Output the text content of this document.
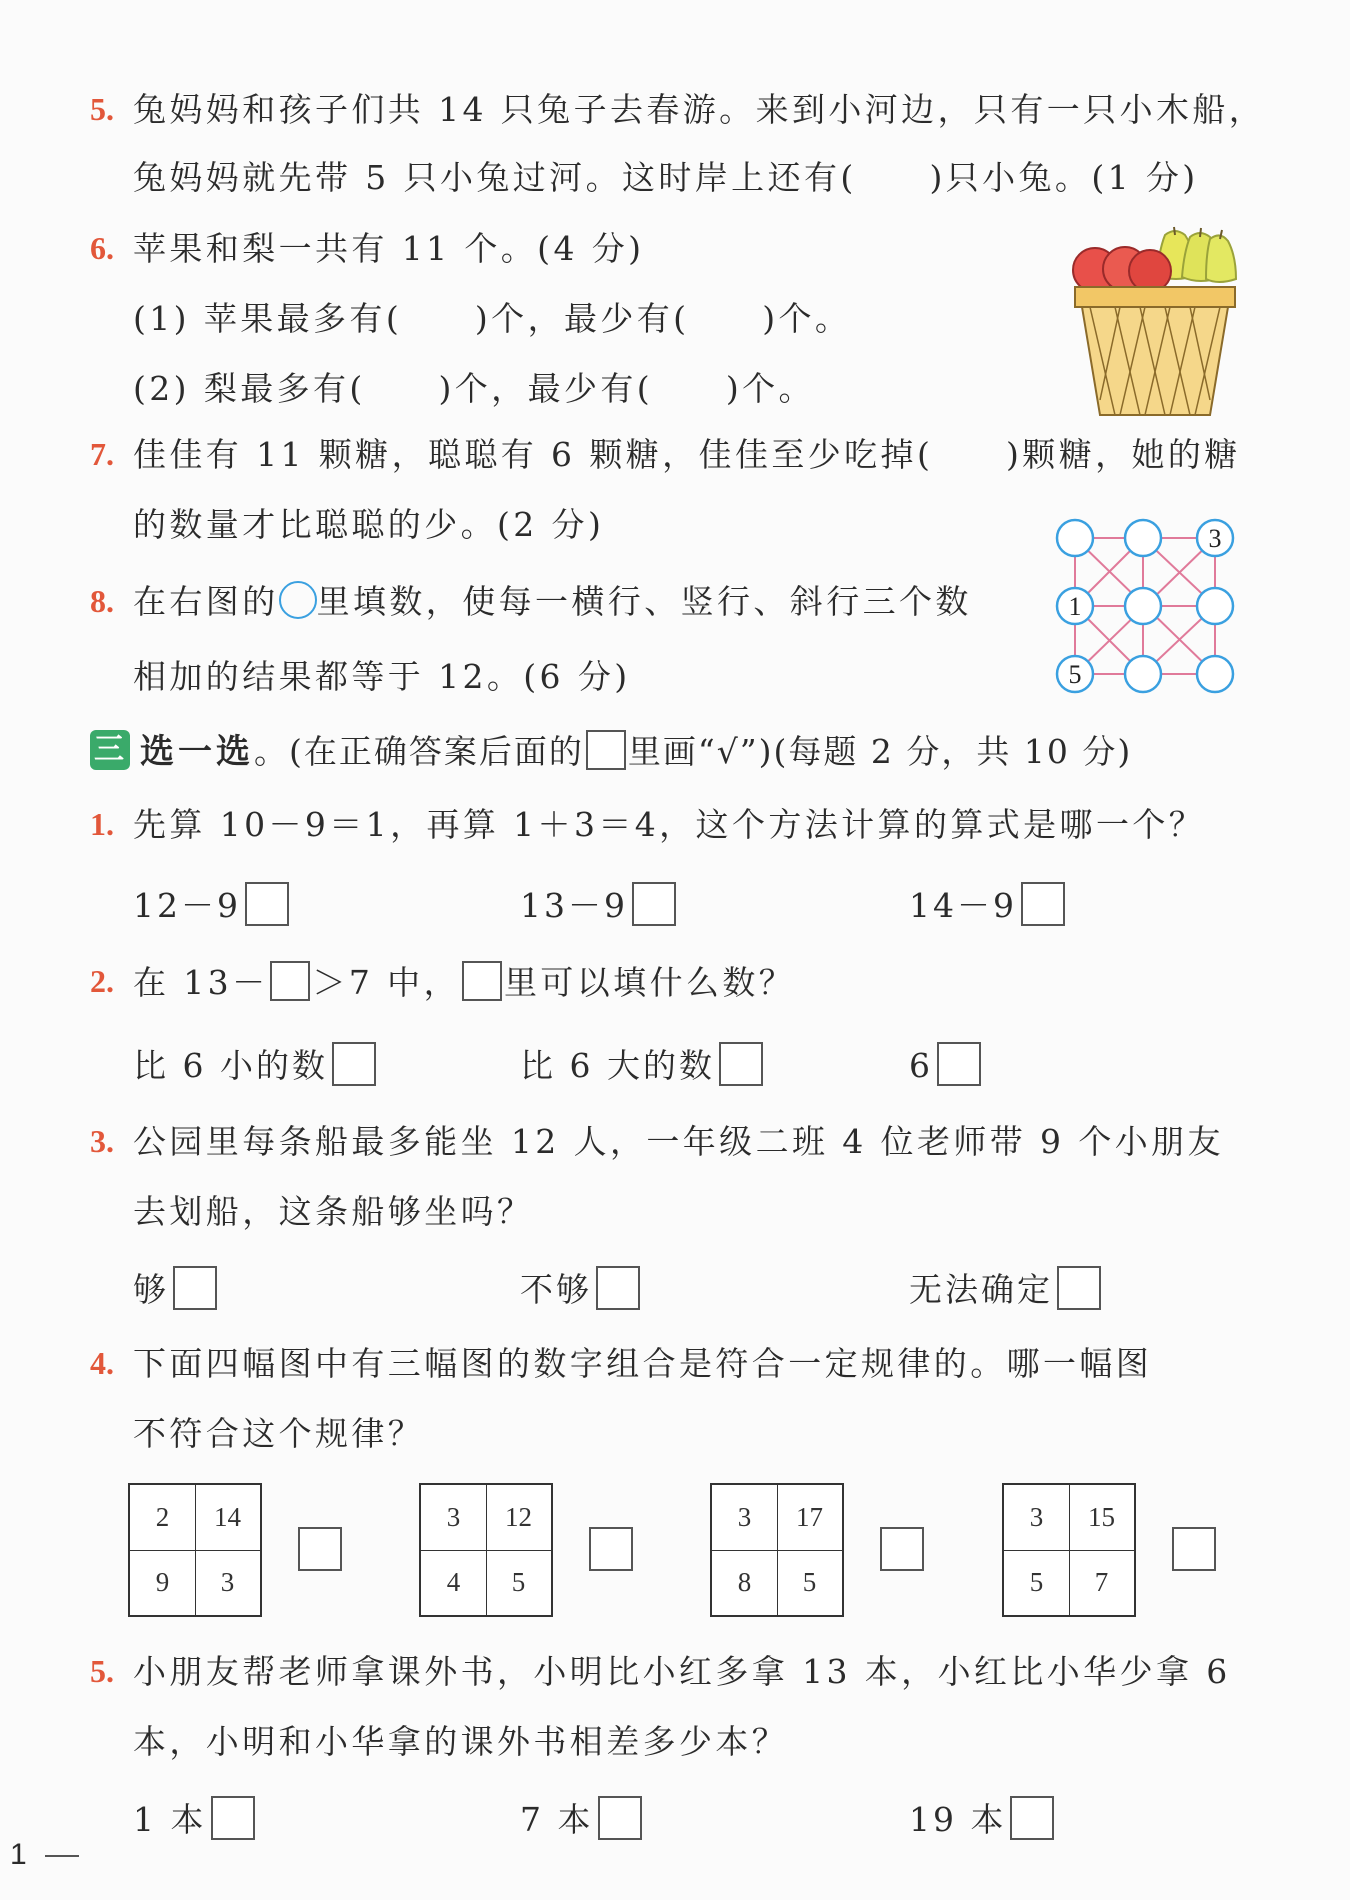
5. 兔妈妈和孩子们共 14 只兔子去春游。来到小河边，只有一只小木船，
兔妈妈就先带 5 只小兔过河。这时岸上还有(　　)只小兔。(1 分)
6. 苹果和梨一共有 11 个。(4 分)
(1) 苹果最多有(　　)个，最少有(　　)个。
(2) 梨最多有(　　)个，最少有(　　)个。
7. 佳佳有 11 颗糖，聪聪有 6 颗糖，佳佳至少吃掉(　　)颗糖，她的糖
的数量才比聪聪的少。(2 分)
8. 在右图的 里填数，使每一横行、竖行、斜行三个数
相加的结果都等于 12。(6 分)
3
1
5
三 选一选。(在正确答案后面的 里画“√”)(每题 2 分，共 10 分)
1. 先算 10－9＝1，再算 1＋3＝4，这个方法计算的算式是哪一个？
12－9	13－9	14－9
2. 在 13－ ＞7 中， 里可以填什么数？
比 6 小的数	比 6 大的数	6
3. 公园里每条船最多能坐 12 人，一年级二班 4 位老师带 9 个小朋友
去划船，这条船够坐吗？
够	不够	无法确定
4. 下面四幅图中有三幅图的数字组合是符合一定规律的。哪一幅图
不符合这个规律？
2	14
9	3
3	12
4	5
3	17
8	5
3	15
5	7
5. 小朋友帮老师拿课外书，小明比小红多拿 13 本，小红比小华少拿 6
本，小明和小华拿的课外书相差多少本？
1 本	7 本	19 本
1
